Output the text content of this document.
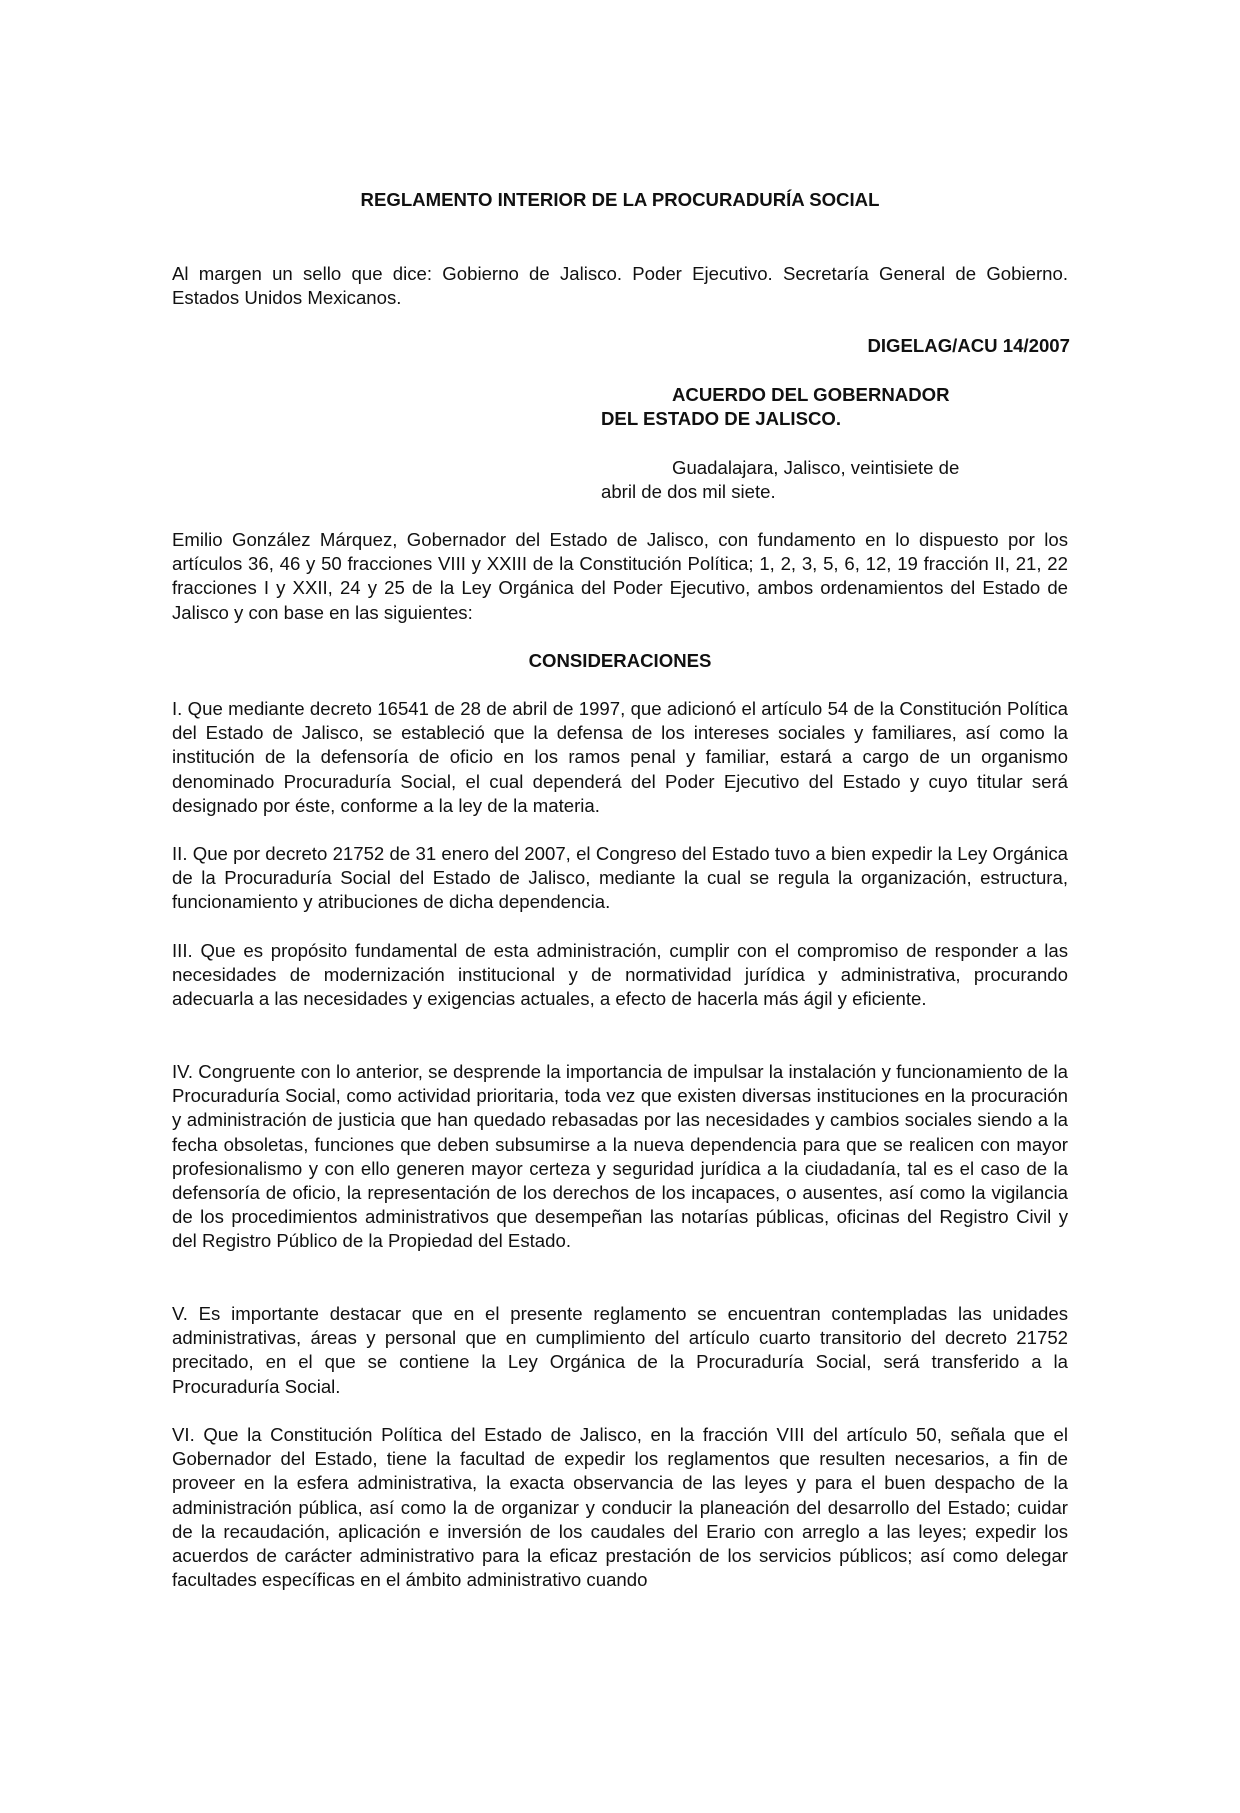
REGLAMENTO INTERIOR DE LA PROCURADURÍA SOCIAL

Al margen un sello que dice: Gobierno de Jalisco. Poder Ejecutivo. Secretaría General de Gobierno. Estados Unidos Mexicanos.

DIGELAG/ACU 14/2007

ACUERDO DEL GOBERNADOR

DEL ESTADO DE JALISCO.

Guadalajara, Jalisco, veintisiete de

abril de dos mil siete.

Emilio González Márquez, Gobernador del Estado de Jalisco, con fundamento en lo dispuesto por los artículos 36, 46 y 50 fracciones VIII y XXIII de la Constitución Política; 1, 2, 3, 5, 6, 12, 19 fracción II, 21, 22 fracciones I y XXII, 24 y 25 de la Ley Orgánica del Poder Ejecutivo, ambos ordenamientos del Estado de Jalisco y con base en las siguientes:

CONSIDERACIONES

I. Que mediante decreto 16541 de 28 de abril de 1997, que adicionó el artículo 54 de la Constitución Política del Estado de Jalisco, se estableció que la defensa de los intereses sociales y familiares, así como la institución de la defensoría de oficio en los ramos penal y familiar, estará a cargo de un organismo denominado Procuraduría Social, el cual dependerá del Poder Ejecutivo del Estado y cuyo titular será designado por éste, conforme a la ley de la materia.

II. Que por decreto 21752 de 31 enero del 2007, el Congreso del Estado tuvo a bien expedir la Ley Orgánica de la Procuraduría Social del Estado de Jalisco, mediante la cual se regula la organización, estructura, funcionamiento y atribuciones de dicha dependencia.

III. Que es propósito fundamental de esta administración, cumplir con el compromiso de responder a las necesidades de modernización institucional y de normatividad jurídica y administrativa, procurando adecuarla a las necesidades y exigencias actuales, a efecto de hacerla más ágil y eficiente.

IV. Congruente con lo anterior, se desprende la importancia de impulsar la instalación y funcionamiento de la Procuraduría Social, como actividad prioritaria, toda vez que existen diversas instituciones en la procuración y administración de justicia que han quedado rebasadas por las necesidades y cambios sociales siendo a la fecha obsoletas, funciones que deben subsumirse a la nueva dependencia para que se realicen con mayor profesionalismo y con ello generen mayor certeza y seguridad jurídica a la ciudadanía, tal es el caso de la defensoría de oficio, la representación de los derechos de los incapaces, o ausentes, así como la vigilancia de los procedimientos administrativos que desempeñan las notarías públicas, oficinas del Registro Civil y del Registro Público de la Propiedad del Estado.

V. Es importante destacar que en el presente reglamento se encuentran contempladas las unidades administrativas, áreas y personal que en cumplimiento del artículo cuarto transitorio del decreto 21752 precitado, en el que se contiene la Ley Orgánica de la Procuraduría Social, será transferido a la Procuraduría Social.

VI. Que la Constitución Política del Estado de Jalisco, en la fracción VIII del artículo 50, señala que el Gobernador del Estado, tiene la facultad de expedir los reglamentos que resulten necesarios, a fin de proveer en la esfera administrativa, la exacta observancia de las leyes y para el buen despacho de la administración pública, así como la de organizar y conducir la planeación del desarrollo del Estado; cuidar de la recaudación, aplicación e inversión de los caudales del Erario con arreglo a las leyes; expedir los acuerdos de carácter administrativo para la eficaz prestación de los servicios públicos; así como delegar facultades específicas en el ámbito administrativo cuando
